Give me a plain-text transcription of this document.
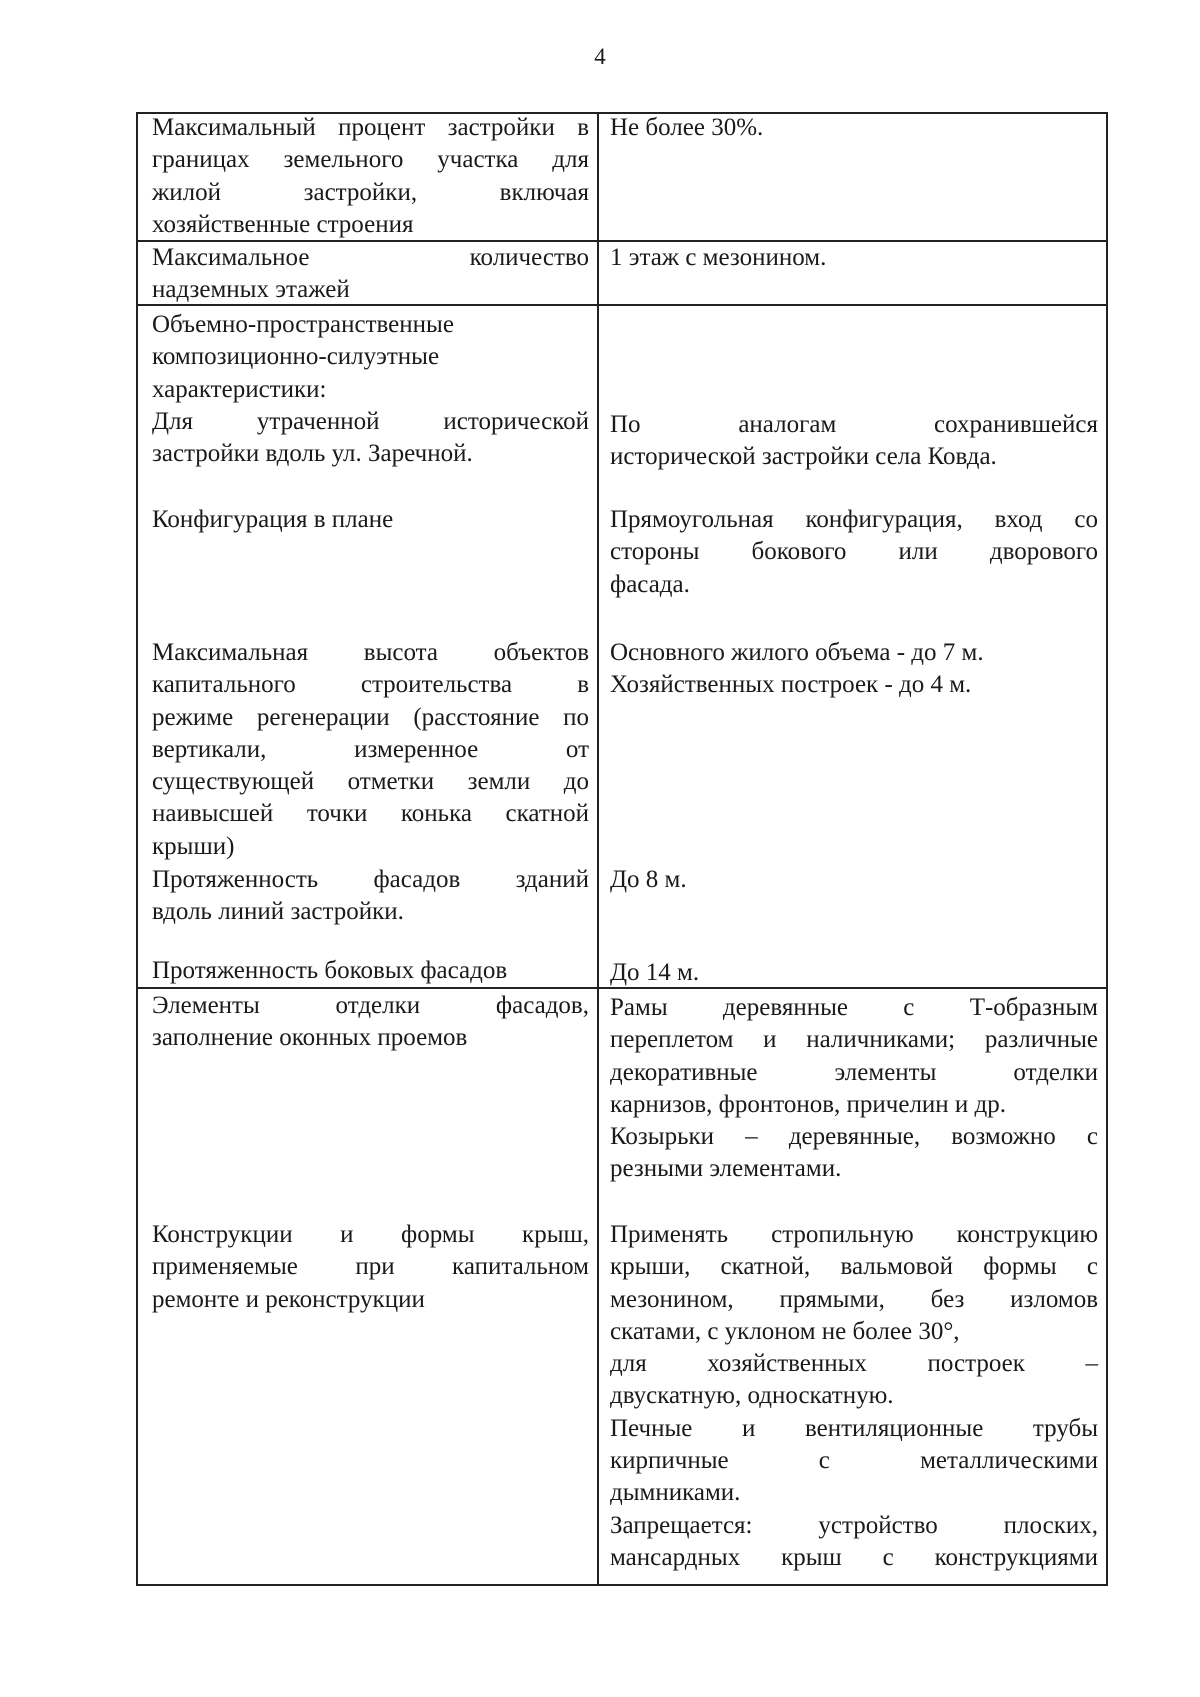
4
Максимальный процент застройки в
границах земельного участка для
жилой застройки, включая
хозяйственные строения
Не более 30%.
Максимальное количество
надземных этажей
1 этаж с мезонином.
Объемно-пространственные
композиционно-силуэтные
характеристики:
Для утраченной исторической
застройки вдоль ул. Заречной.
По аналогам сохранившейся
исторической застройки села Ковда.
Конфигурация в плане	Прямоугольная конфигурация, вход со
стороны бокового или дворового
фасада.
Максимальная высота объектов
капитального строительства в
режиме регенерации (расстояние по
вертикали, измеренное от
существующей отметки земли до
наивысшей точки конька скатной
крыши)
Основного жилого объема - до 7 м.
Хозяйственных построек - до 4 м.
Протяженность фасадов зданий
вдоль линий застройки.
До 8 м.
Протяженность боковых фасадов	До 14 м.
Элементы отделки фасадов,
заполнение оконных проемов
Рамы деревянные с Т-образным
переплетом и наличниками; различные
декоративные элементы отделки
карнизов, фронтонов, причелин и др.
Козырьки – деревянные, возможно с
резными элементами.
Конструкции и формы крыш,
применяемые при капитальном
ремонте и реконструкции
Применять стропильную конструкцию
крыши, скатной, вальмовой формы с
мезонином, прямыми, без изломов
скатами, с уклоном не более 30°,
для хозяйственных построек –
двускатную, односкатную.
Печные и вентиляционные трубы
кирпичные с металлическими
дымниками.
Запрещается: устройство плоских,
мансардных крыш с конструкциями
